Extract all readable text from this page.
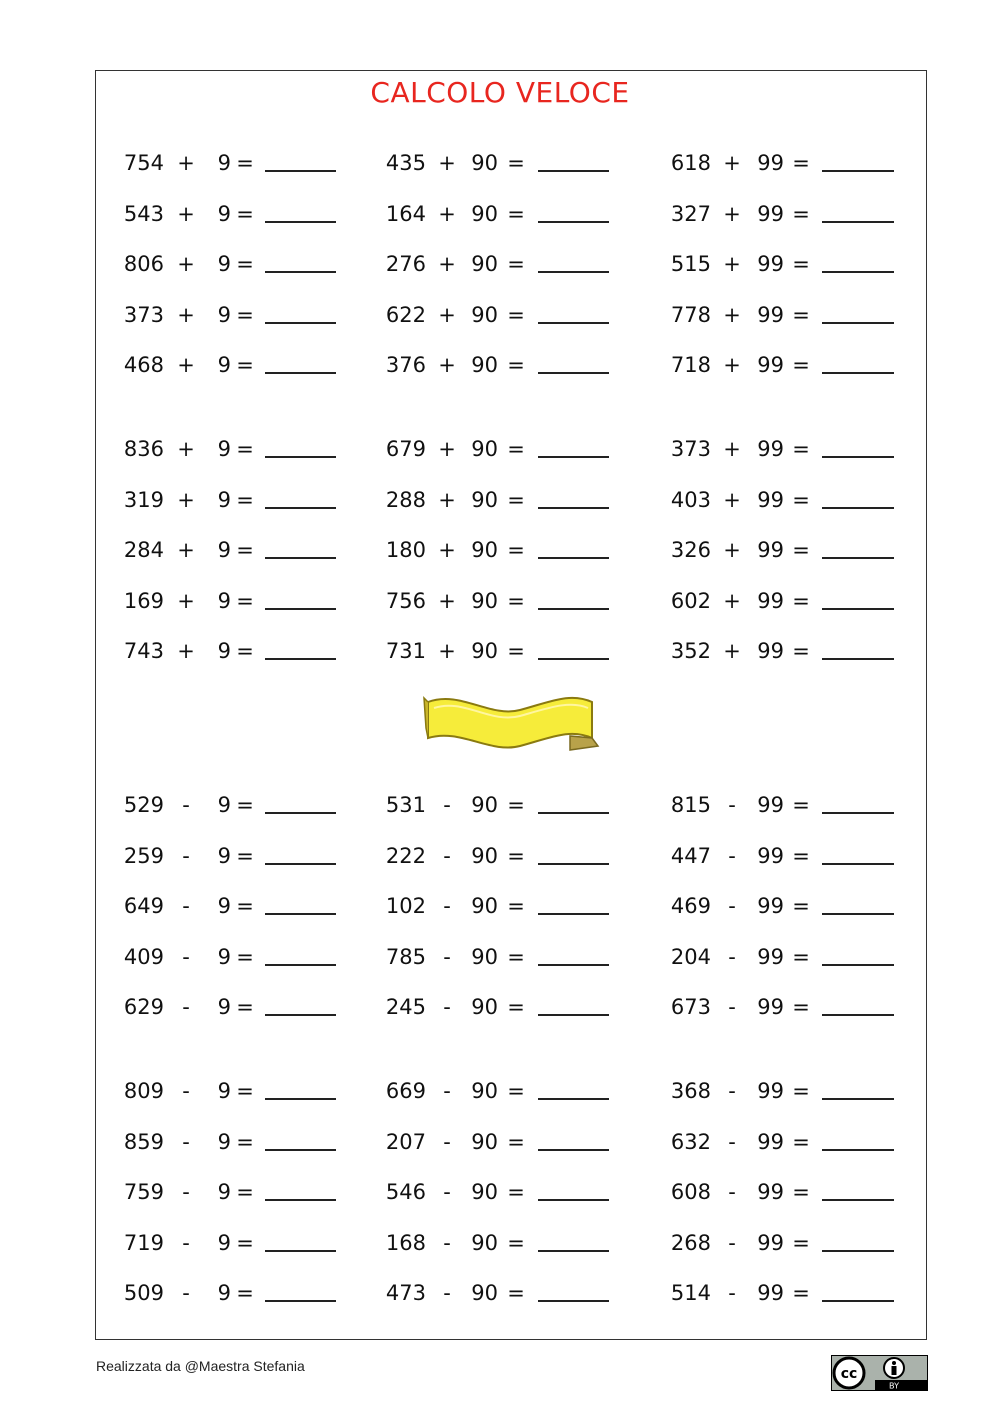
CALCOLO VELOCE
754 +	9 =	435 + 90 =	618 + 99 =
543 +	9 =	164 + 90 =	327 + 99 =
806 +	9 =	276 + 90 =	515 + 99 =
373 +	9 =	622 + 90 =	778 + 99 =
468 +	9 =	376 + 90 =	718 + 99 =
836 +	9 =	679 + 90 =	373 + 99 =
319 +	9 =	288 + 90 =	403 + 99 =
284 +	9 =	180 + 90 =	326 + 99 =
169 +	9 =	756 + 90 =	602 + 99 =
743 +	9 =	731 + 90 =	352 + 99 =
529 -	9 =	531 - 90 =	815 - 99 =
259 -	9 =	222 - 90 =	447 - 99 =
649 -	9 =	102 - 90 =	469 - 99 =
409 -	9 =	785 - 90 =	204 - 99 =
629 -	9 =	245 - 90 =	673 - 99 =
809 -	9 =	669 - 90 =	368 - 99 =
859 -	9 =	207 - 90 =	632 - 99 =
759 -	9 =	546 - 90 =	608 - 99 =
719 -	9 =	168 - 90 =	268 - 99 =
509 -	9 =	473 - 90 =	514 - 99 =
Realizzata da @Maestra Stefania	cc
BY
